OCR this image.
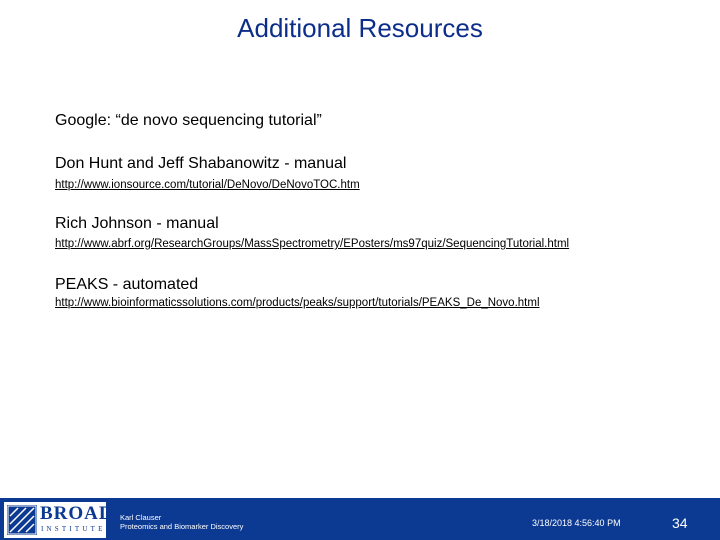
Additional Resources
Google: “de novo sequencing tutorial”
Don Hunt and Jeff Shabanowitz - manual
http://www.ionsource.com/tutorial/DeNovo/DeNovoTOC.htm
Rich Johnson - manual
http://www.abrf.org/ResearchGroups/MassSpectrometry/EPosters/ms97quiz/SequencingTutorial.html
PEAKS - automated
http://www.bioinformaticssolutions.com/products/peaks/support/tutorials/PEAKS_De_Novo.html
BROAD
INSTITUTE
Karl Clauser
Proteomics and Biomarker Discovery	3/18/2018 4:56:40 PM	34
